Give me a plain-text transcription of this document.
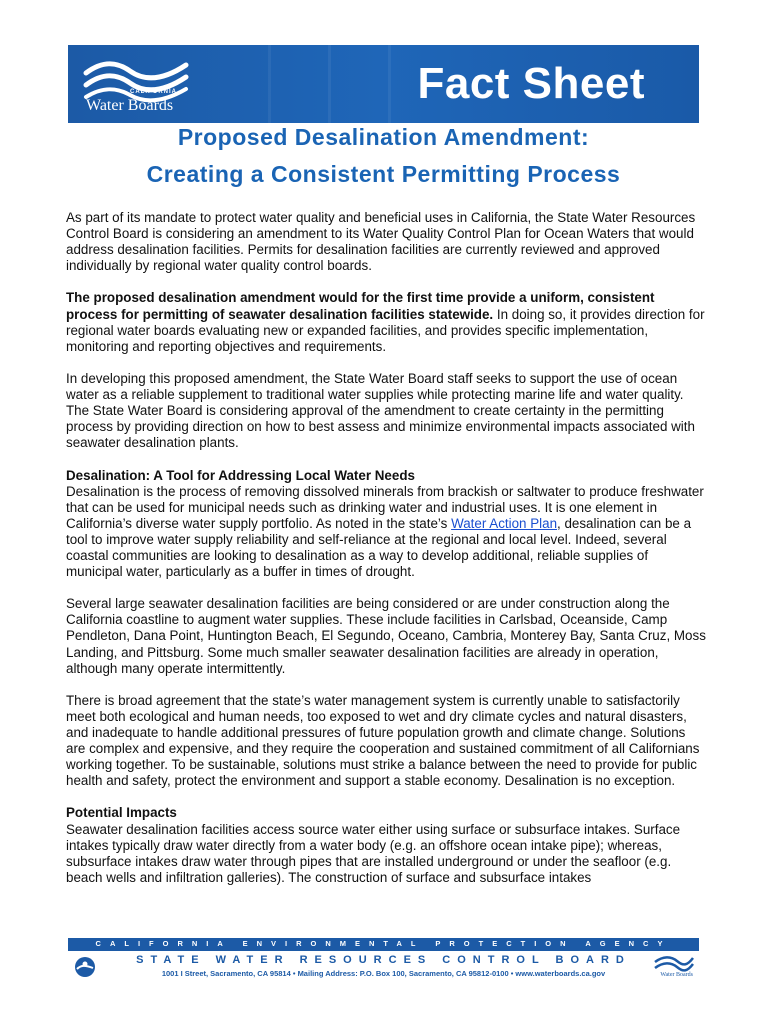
CALIFORNIA
Water Boards	Fact Sheet
Proposed Desalination Amendment:
Creating a Consistent Permitting Process

As part of its mandate to protect water quality and beneficial uses in California, the State Water Resources Control Board is considering an amendment to its Water Quality Control Plan for Ocean Waters that would address desalination facilities. Permits for desalination facilities are currently reviewed and approved individually by regional water quality control boards.

The proposed desalination amendment would for the first time provide a uniform, consistent process for permitting of seawater desalination facilities statewide. In doing so, it provides direction for regional water boards evaluating new or expanded facilities, and provides specific implementation, monitoring and reporting objectives and requirements.

In developing this proposed amendment, the State Water Board staff seeks to support the use of ocean water as a reliable supplement to traditional water supplies while protecting marine life and water quality. The State Water Board is considering approval of the amendment to create certainty in the permitting process by providing direction on how to best assess and minimize environmental impacts associated with seawater desalination plants.

Desalination: A Tool for Addressing Local Water Needs
Desalination is the process of removing dissolved minerals from brackish or saltwater to produce freshwater that can be used for municipal needs such as drinking water and industrial uses. It is one element in California’s diverse water supply portfolio. As noted in the state’s Water Action Plan, desalination can be a tool to improve water supply reliability and self-reliance at the regional and local level. Indeed, several coastal communities are looking to desalination as a way to develop additional, reliable supplies of municipal water, particularly as a buffer in times of drought.

Several large seawater desalination facilities are being considered or are under construction along the California coastline to augment water supplies. These include facilities in Carlsbad, Oceanside, Camp Pendleton, Dana Point, Huntington Beach, El Segundo, Oceano, Cambria, Monterey Bay, Santa Cruz, Moss Landing, and Pittsburg. Some much smaller seawater desalination facilities are already in operation, although many operate intermittently.

There is broad agreement that the state’s water management system is currently unable to satisfactorily meet both ecological and human needs, too exposed to wet and dry climate cycles and natural disasters, and inadequate to handle additional pressures of future population growth and climate change. Solutions are complex and expensive, and they require the cooperation and sustained commitment of all Californians working together. To be sustainable, solutions must strike a balance between the need to provide for public health and safety, protect the environment and support a stable economy. Desalination is no exception.

Potential Impacts
Seawater desalination facilities access source water either using surface or subsurface intakes. Surface intakes typically draw water directly from a water body (e.g. an offshore ocean intake pipe); whereas, subsurface intakes draw water through pipes that are installed underground or under the seafloor (e.g. beach wells and infiltration galleries). The construction of surface and subsurface intakes

CALIFORNIA ENVIRONMENTAL PROTECTION AGENCY
STATE WATER RESOURCES CONTROL BOARD
1001 I Street, Sacramento, CA 95814 • Mailing Address: P.O. Box 100, Sacramento, CA 95812-0100 • www.waterboards.ca.gov	Water Boards
